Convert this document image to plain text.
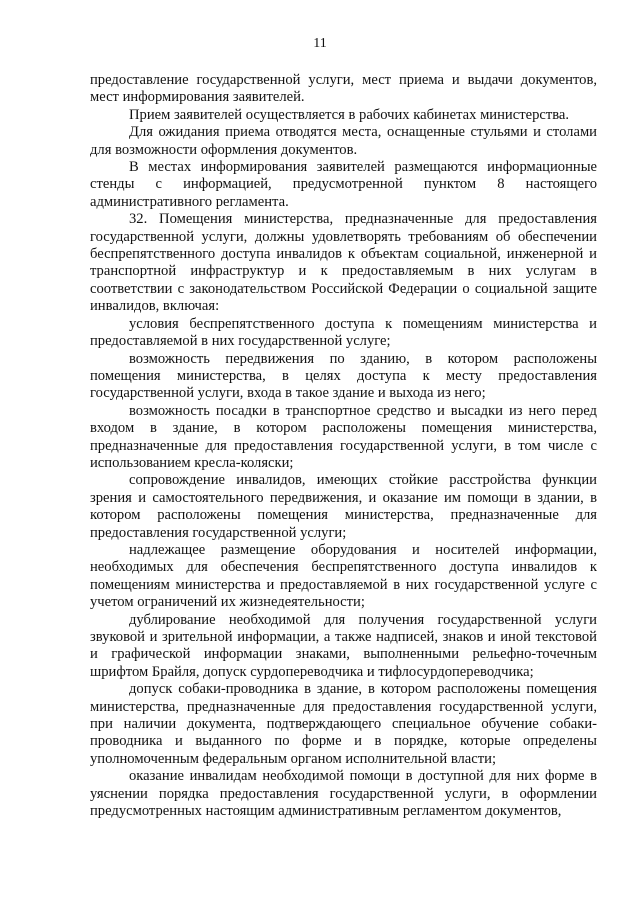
11

предоставление государственной услуги, мест приема и выдачи документов, мест информирования заявителей.

Прием заявителей осуществляется в рабочих кабинетах министерства.

Для ожидания приема отводятся места, оснащенные стульями и столами для возможности оформления документов.

В местах информирования заявителей размещаются информационные стенды с информацией, предусмотренной пунктом 8 настоящего административного регламента.

32. Помещения министерства, предназначенные для предоставления государственной услуги, должны удовлетворять требованиям об обеспечении беспрепятственного доступа инвалидов к объектам социальной, инженерной и транспортной инфраструктур и к предоставляемым в них услугам в соответствии с законодательством Российской Федерации о социальной защите инвалидов, включая:

условия беспрепятственного доступа к помещениям министерства и предоставляемой в них государственной услуге;

возможность передвижения по зданию, в котором расположены помещения министерства, в целях доступа к месту предоставления государственной услуги, входа в такое здание и выхода из него;

возможность посадки в транспортное средство и высадки из него перед входом в здание, в котором расположены помещения министерства, предназначенные для предоставления государственной услуги, в том числе с использованием кресла-коляски;

сопровождение инвалидов, имеющих стойкие расстройства функции зрения и самостоятельного передвижения, и оказание им помощи в здании, в котором расположены помещения министерства, предназначенные для предоставления государственной услуги;

надлежащее размещение оборудования и носителей информации, необходимых для обеспечения беспрепятственного доступа инвалидов к помещениям министерства и предоставляемой в них государственной услуге с учетом ограничений их жизнедеятельности;

дублирование необходимой для получения государственной услуги звуковой и зрительной информации, а также надписей, знаков и иной текстовой и графической информации знаками, выполненными рельефно-точечным шрифтом Брайля, допуск сурдопереводчика и тифлосурдопереводчика;

допуск собаки-проводника в здание, в котором расположены помещения министерства, предназначенные для предоставления государственной услуги, при наличии документа, подтверждающего специальное обучение собаки-проводника и выданного по форме и в порядке, которые определены уполномоченным федеральным органом исполнительной власти;

оказание инвалидам необходимой помощи в доступной для них форме в уяснении порядка предоставления государственной услуги, в оформлении предусмотренных настоящим административным регламентом документов,
